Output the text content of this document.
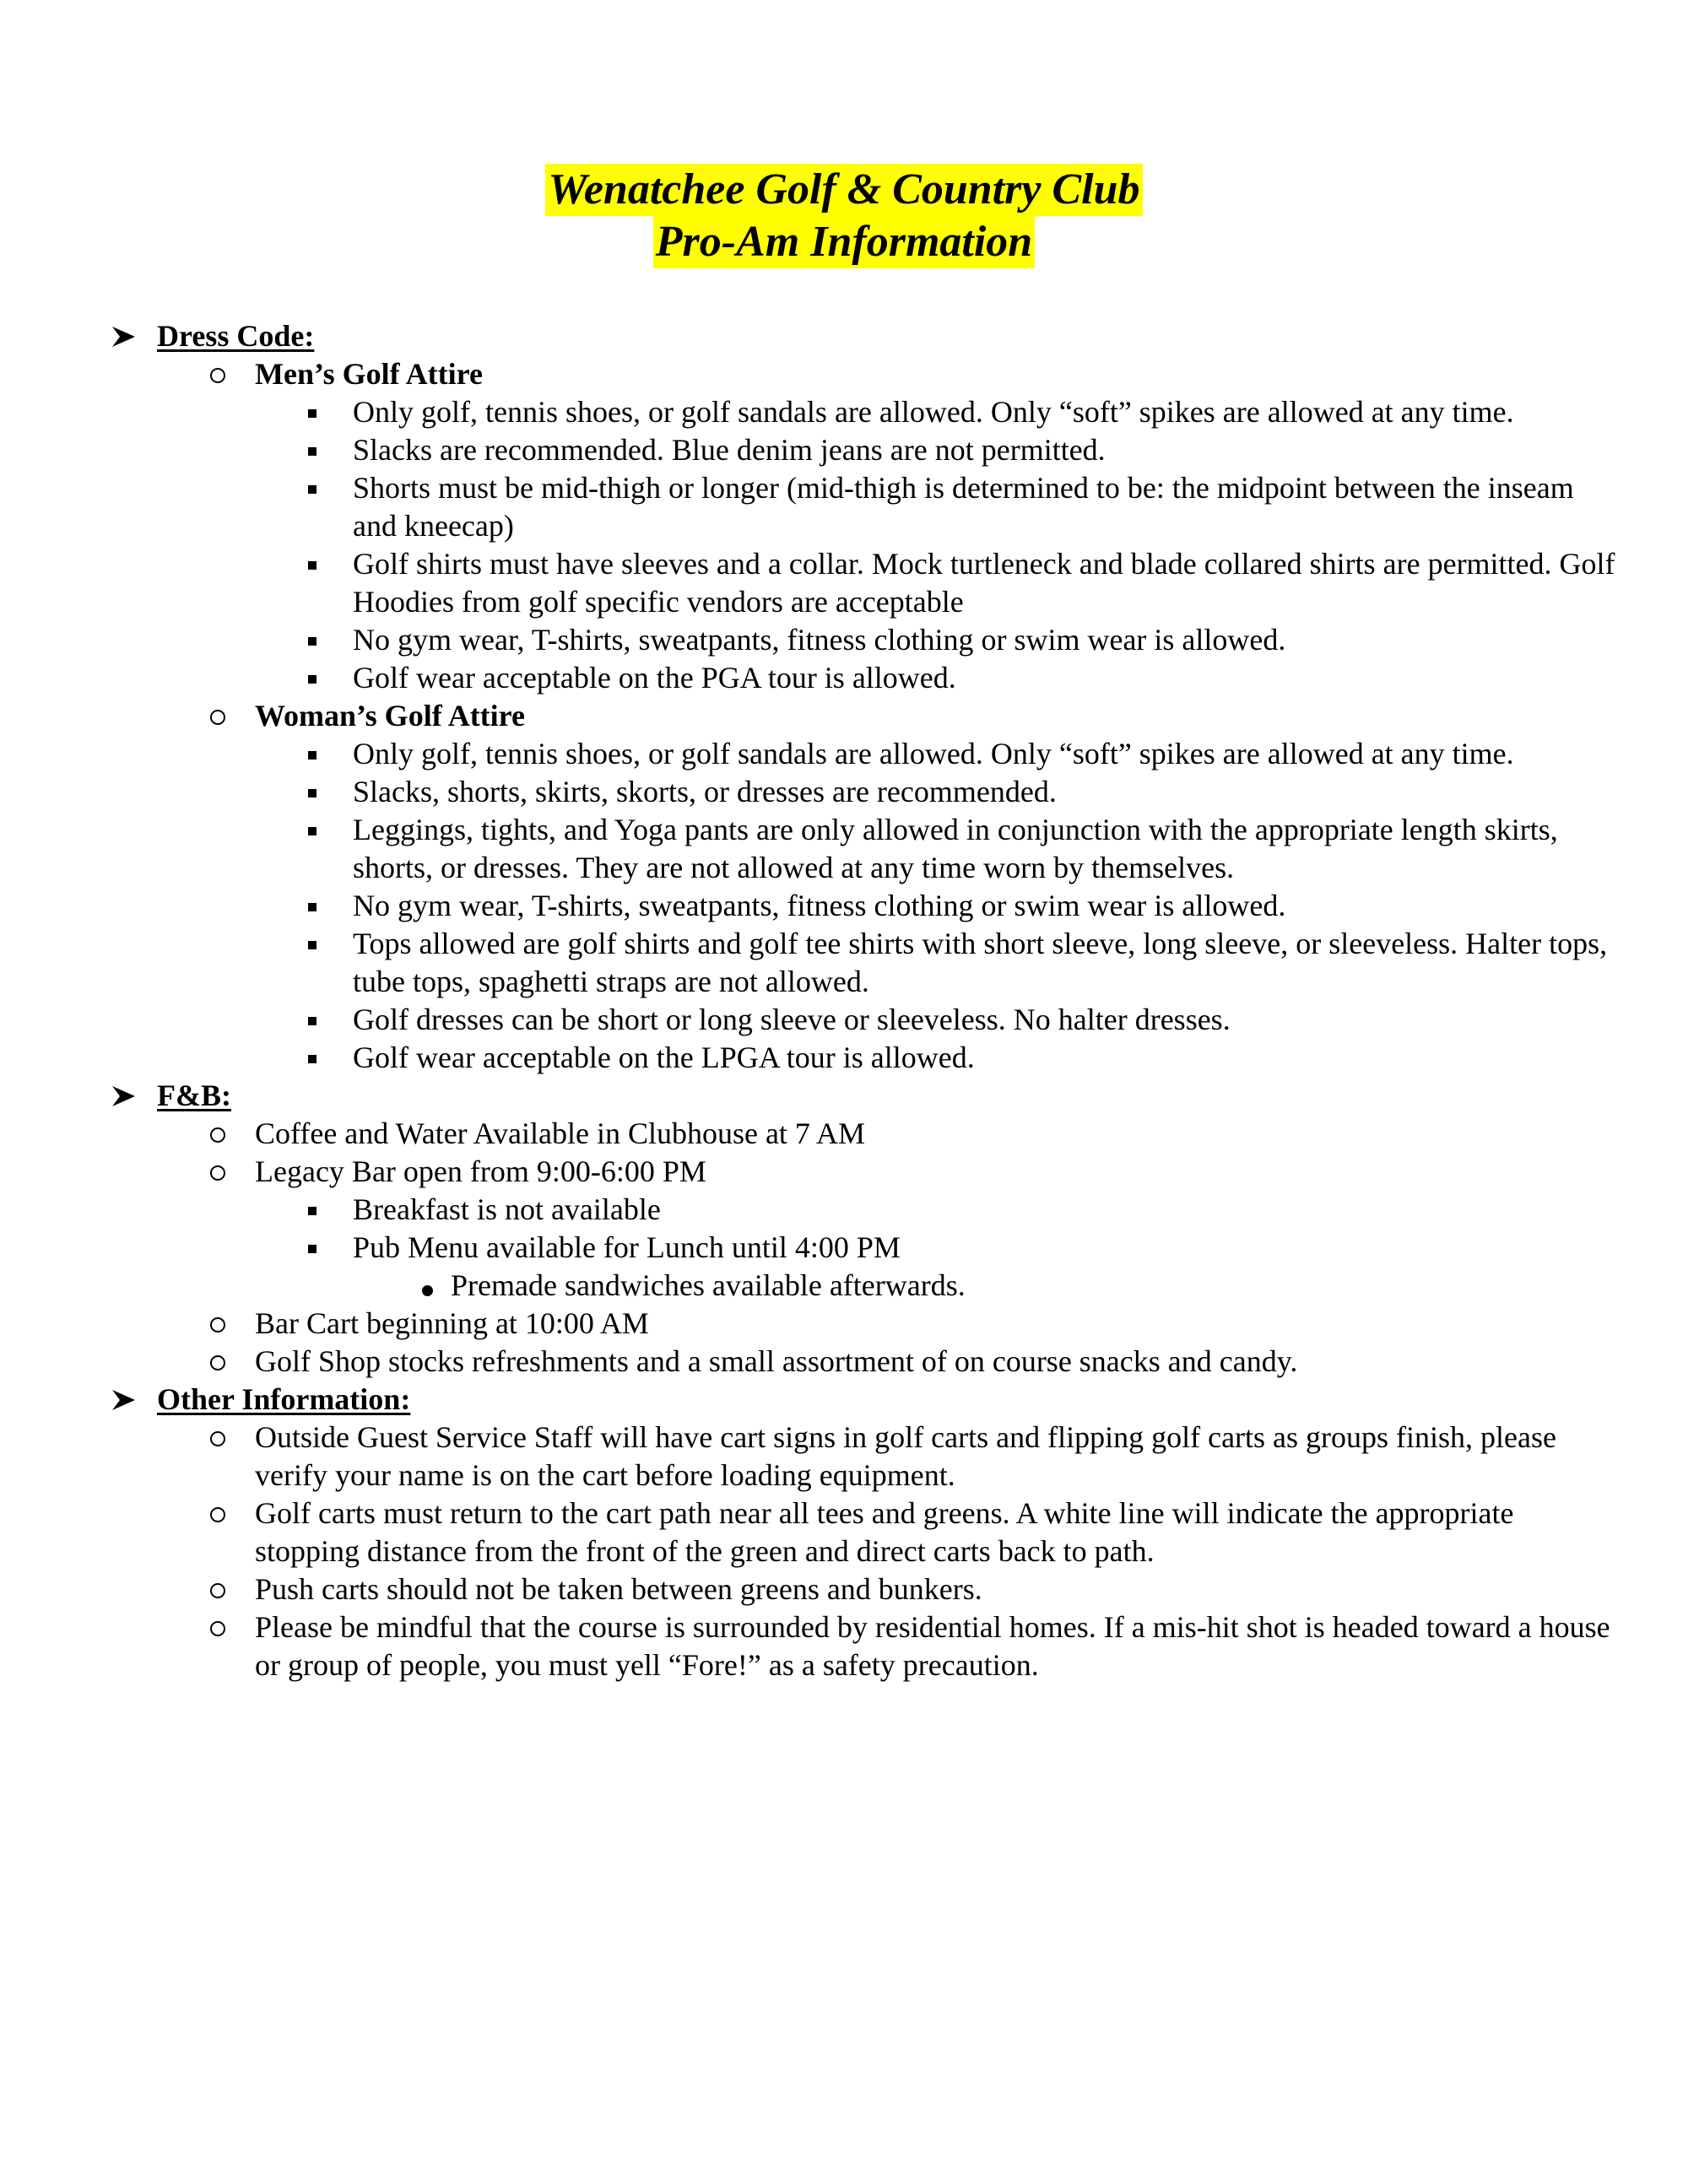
Wenatchee Golf & Country Club
Pro-Am Information
Dress Code:
Men’s Golf Attire
Only golf, tennis shoes, or golf sandals are allowed. Only “soft” spikes are allowed at any time.
Slacks are recommended. Blue denim jeans are not permitted.
Shorts must be mid-thigh or longer (mid-thigh is determined to be: the midpoint between the inseam and kneecap)
Golf shirts must have sleeves and a collar. Mock turtleneck and blade collared shirts are permitted. Golf Hoodies from golf specific vendors are acceptable
No gym wear, T-shirts, sweatpants, fitness clothing or swim wear is allowed.
Golf wear acceptable on the PGA tour is allowed.
Woman’s Golf Attire
Only golf, tennis shoes, or golf sandals are allowed. Only “soft” spikes are allowed at any time.
Slacks, shorts, skirts, skorts, or dresses are recommended.
Leggings, tights, and Yoga pants are only allowed in conjunction with the appropriate length skirts, shorts, or dresses. They are not allowed at any time worn by themselves.
No gym wear, T-shirts, sweatpants, fitness clothing or swim wear is allowed.
Tops allowed are golf shirts and golf tee shirts with short sleeve, long sleeve, or sleeveless. Halter tops, tube tops, spaghetti straps are not allowed.
Golf dresses can be short or long sleeve or sleeveless. No halter dresses.
Golf wear acceptable on the LPGA tour is allowed.
F&B:
Coffee and Water Available in Clubhouse at 7 AM
Legacy Bar open from 9:00-6:00 PM
Breakfast is not available
Pub Menu available for Lunch until 4:00 PM
Premade sandwiches available afterwards.
Bar Cart beginning at 10:00 AM
Golf Shop stocks refreshments and a small assortment of on course snacks and candy.
Other Information:
Outside Guest Service Staff will have cart signs in golf carts and flipping golf carts as groups finish, please verify your name is on the cart before loading equipment.
Golf carts must return to the cart path near all tees and greens. A white line will indicate the appropriate stopping distance from the front of the green and direct carts back to path.
Push carts should not be taken between greens and bunkers.
Please be mindful that the course is surrounded by residential homes. If a mis-hit shot is headed toward a house or group of people, you must yell “Fore!” as a safety precaution.
